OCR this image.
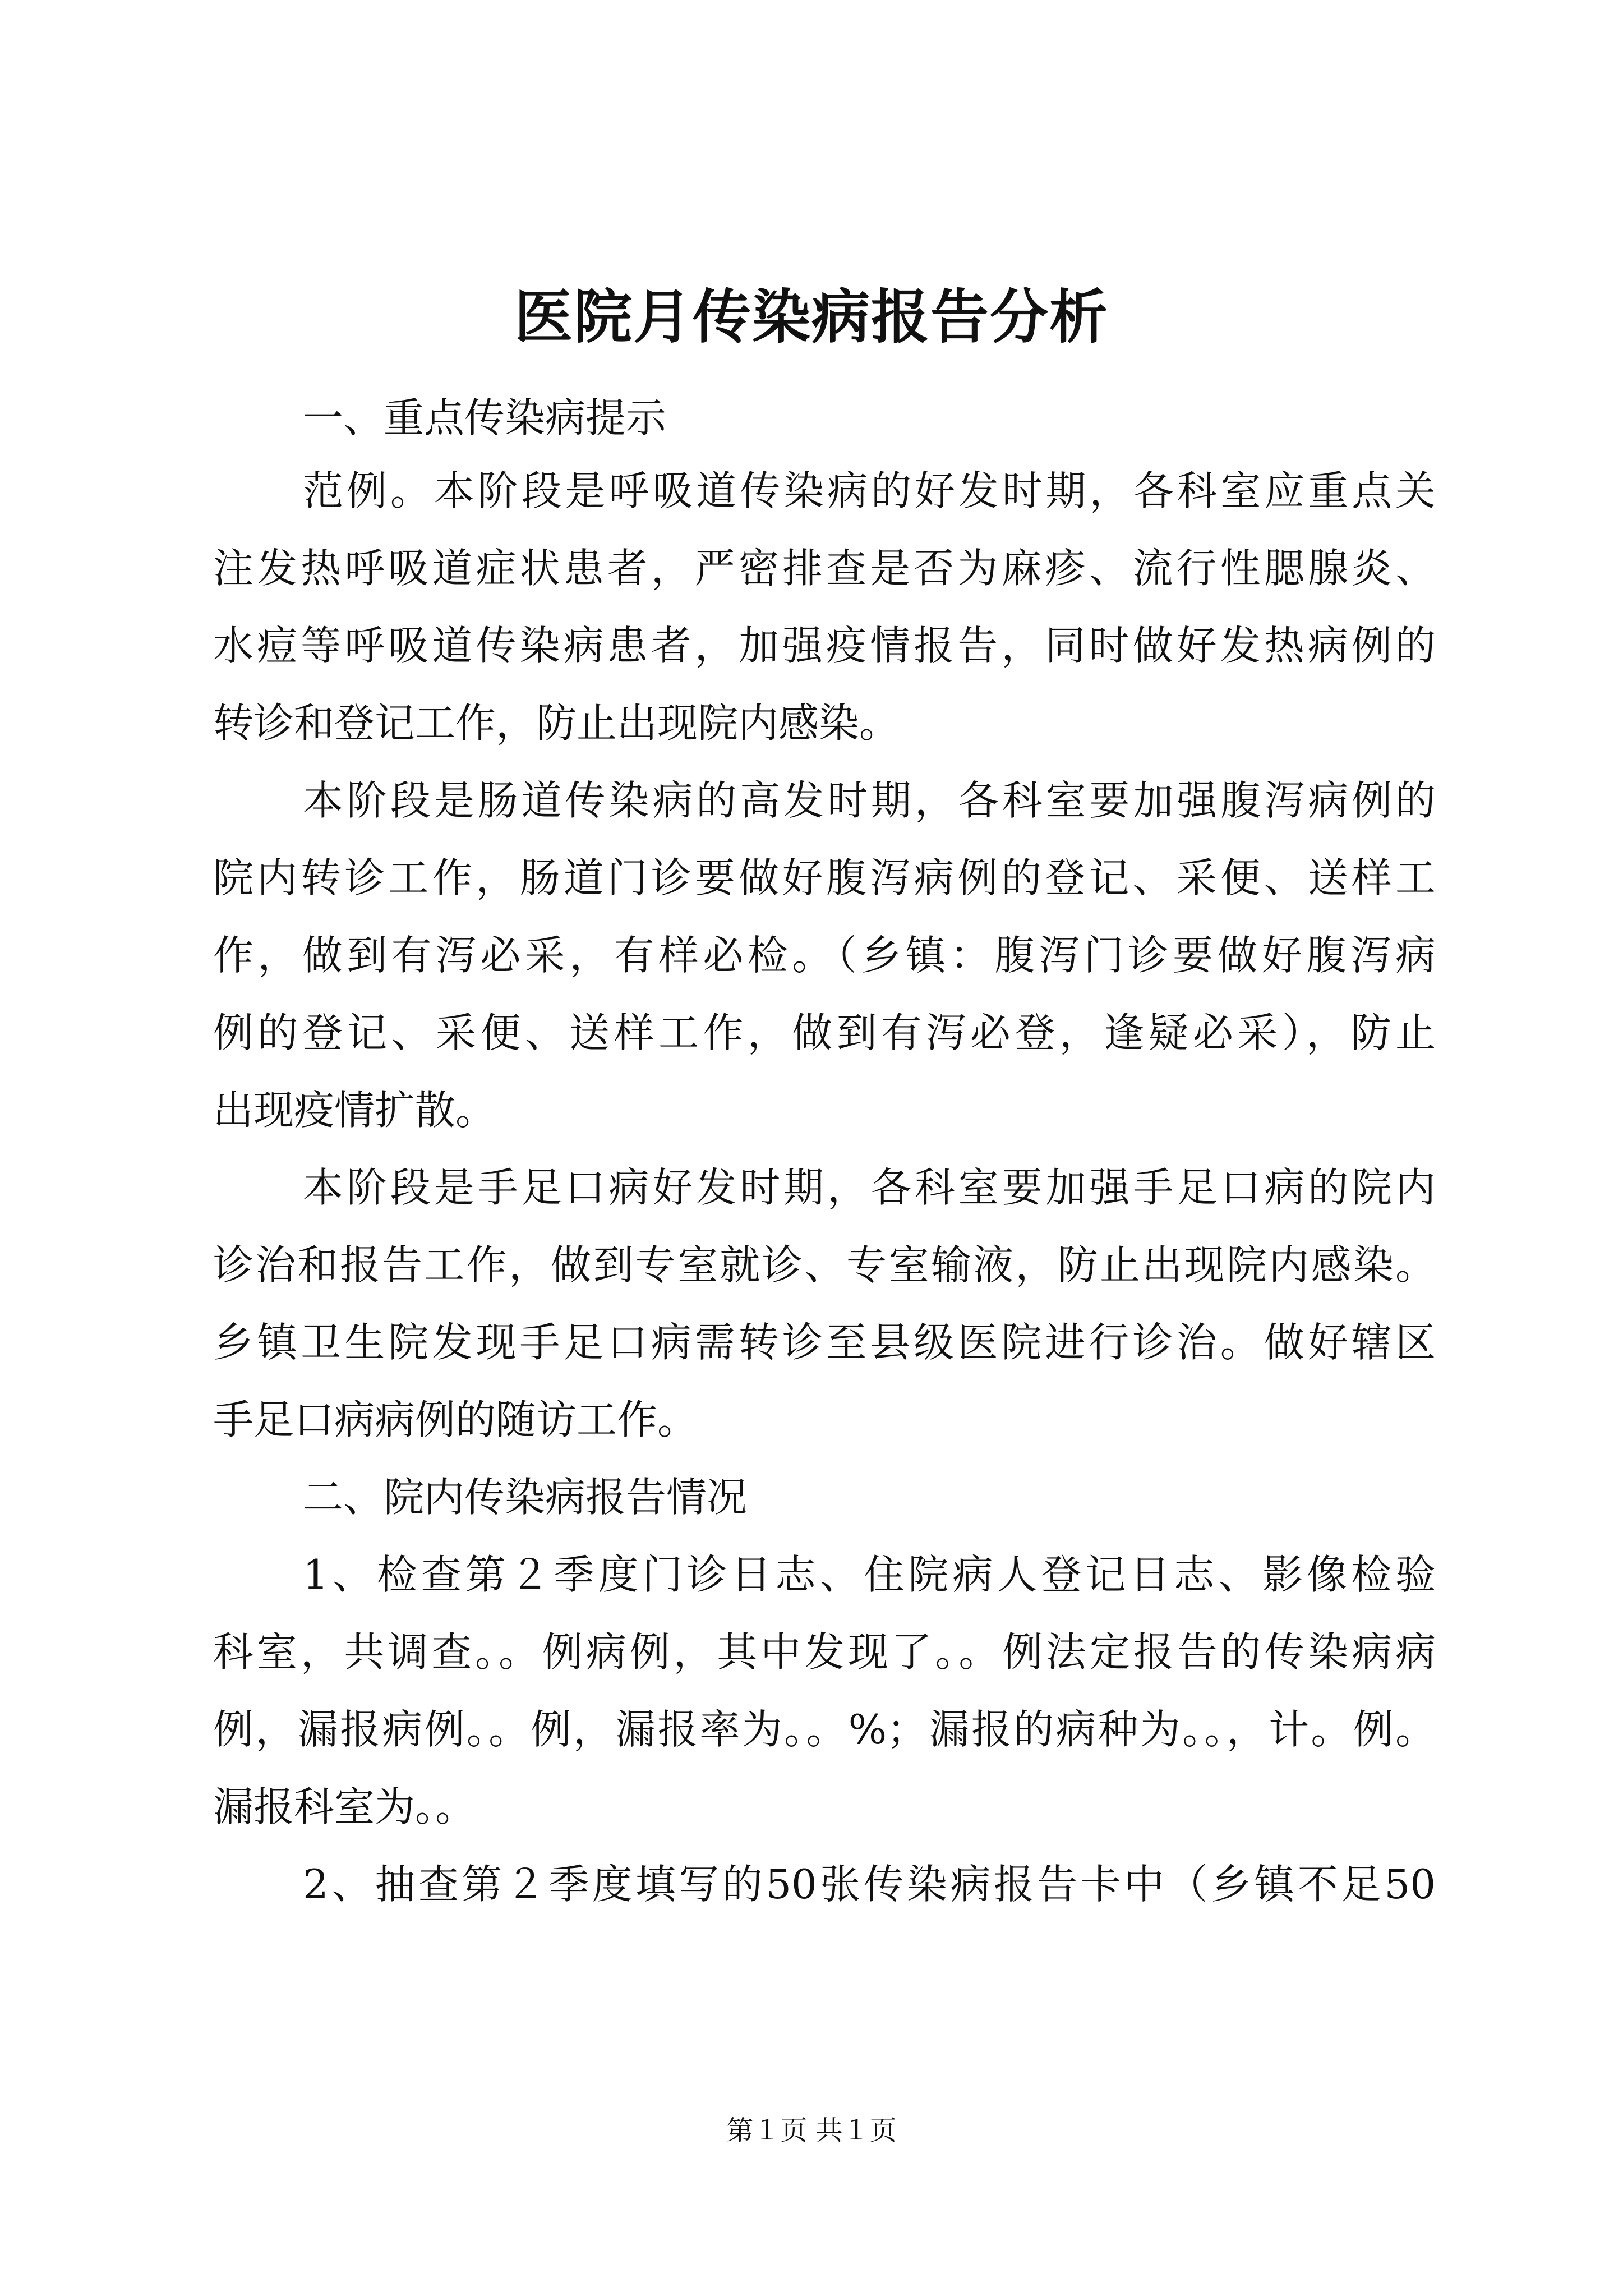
医院月传染病报告分析
一、重点传染病提示
范例。本阶段是呼吸道传染病的好发时期，各科室应重点关
注发热呼吸道症状患者，严密排查是否为麻疹、流行性腮腺炎、
水痘等呼吸道传染病患者，加强疫情报告，同时做好发热病例的
转诊和登记工作，防止出现院内感染。
本阶段是肠道传染病的高发时期，各科室要加强腹泻病例的
院内转诊工作，肠道门诊要做好腹泻病例的登记、采便、送样工
作，做到有泻必采，有样必检。（乡镇：腹泻门诊要做好腹泻病
例的登记、采便、送样工作，做到有泻必登，逢疑必采），防止
出现疫情扩散。
本阶段是手足口病好发时期，各科室要加强手足口病的院内
诊治和报告工作，做到专室就诊、专室输液，防止出现院内感染。
乡镇卫生院发现手足口病需转诊至县级医院进行诊治。做好辖区
手足口病病例的随访工作。
二、院内传染病报告情况
1、检查第２季度门诊日志、住院病人登记日志、影像检验
科室，共调查。。例病例，其中发现了。。例法定报告的传染病病
例，漏报病例。。例，漏报率为。。%；漏报的病种为。。，计。例。
漏报科室为。。
2、抽查第２季度填写的50张传染病报告卡中（乡镇不足50
第１页 共１页
